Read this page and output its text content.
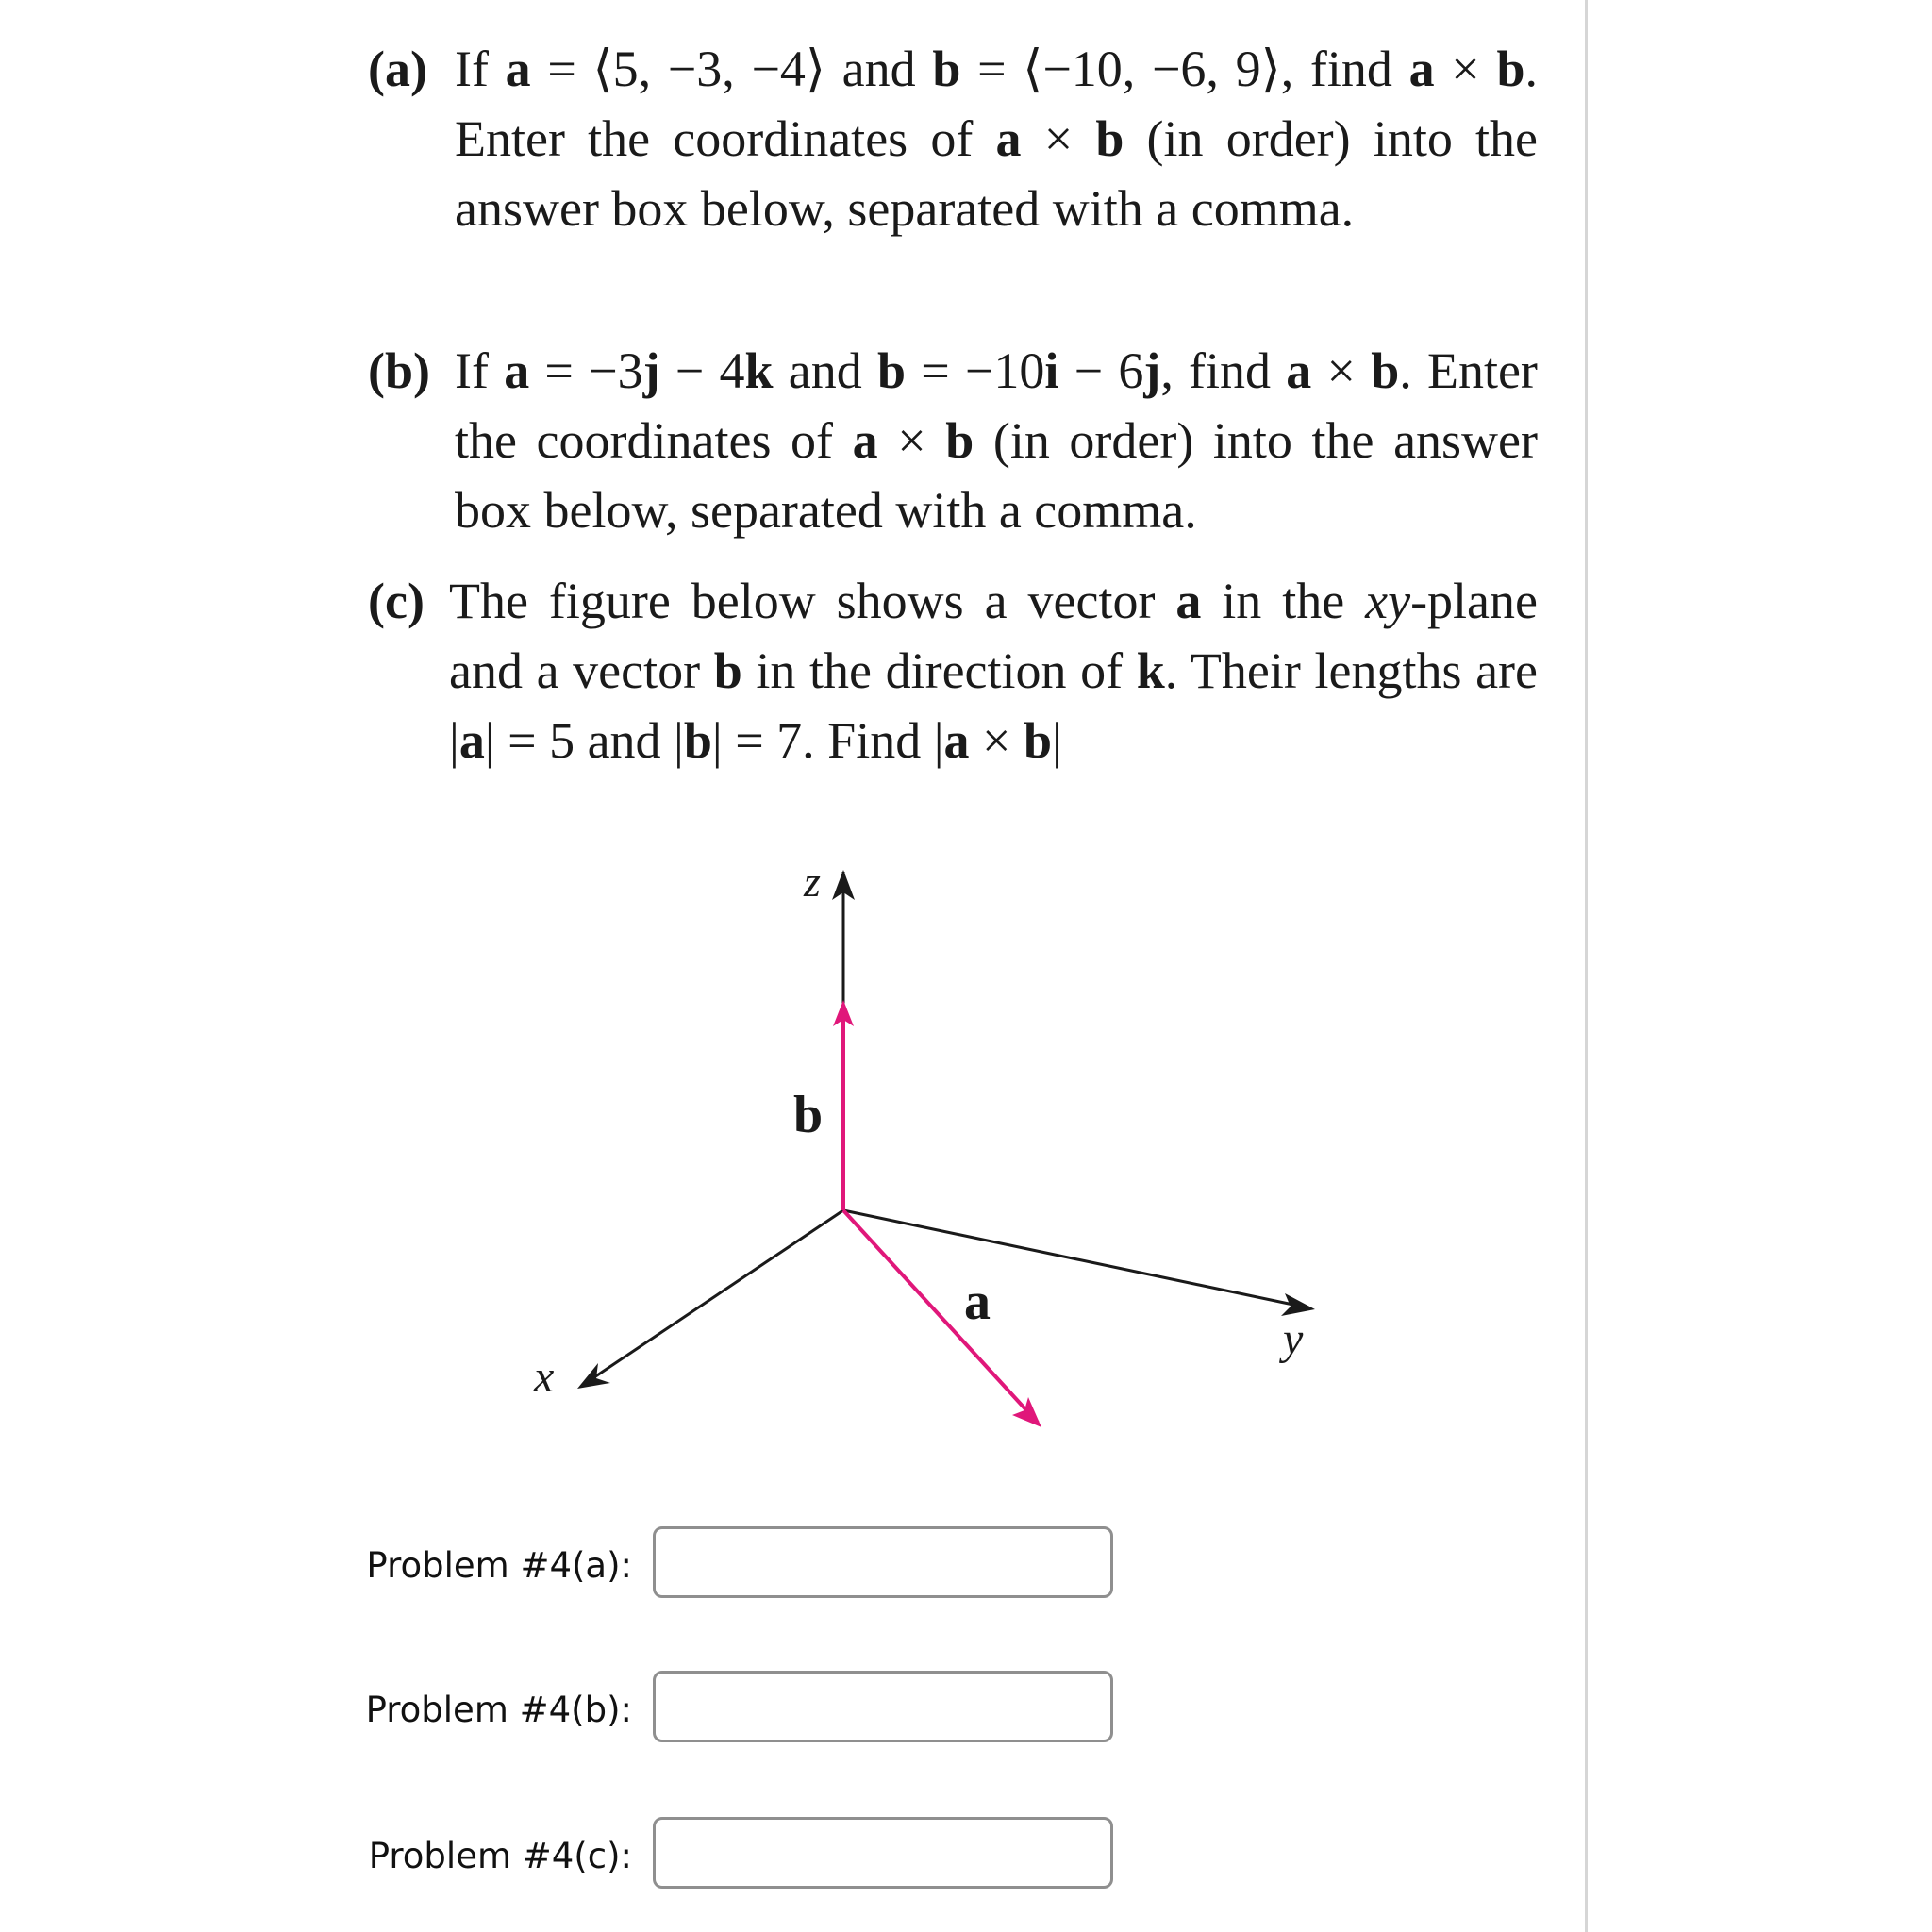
(a) If a = ⟨5, −3, −4⟩ and b = ⟨−10, −6, 9⟩, find a × b. Enter the coordinates of a × b (in order) into the answer box below, separated with a comma.
(b) If a = −3j − 4k and b = −10i − 6j, find a × b. Enter the coordinates of a × b (in order) into the answer box below, separated with a comma.
(c) The figure below shows a vector a in the xy-plane and a vector b in the direction of k. Their lengths are |a| = 5 and |b| = 7. Find |a × b|
z
y
x
b
a
Problem #4(a):
Problem #4(b):
Problem #4(c):
